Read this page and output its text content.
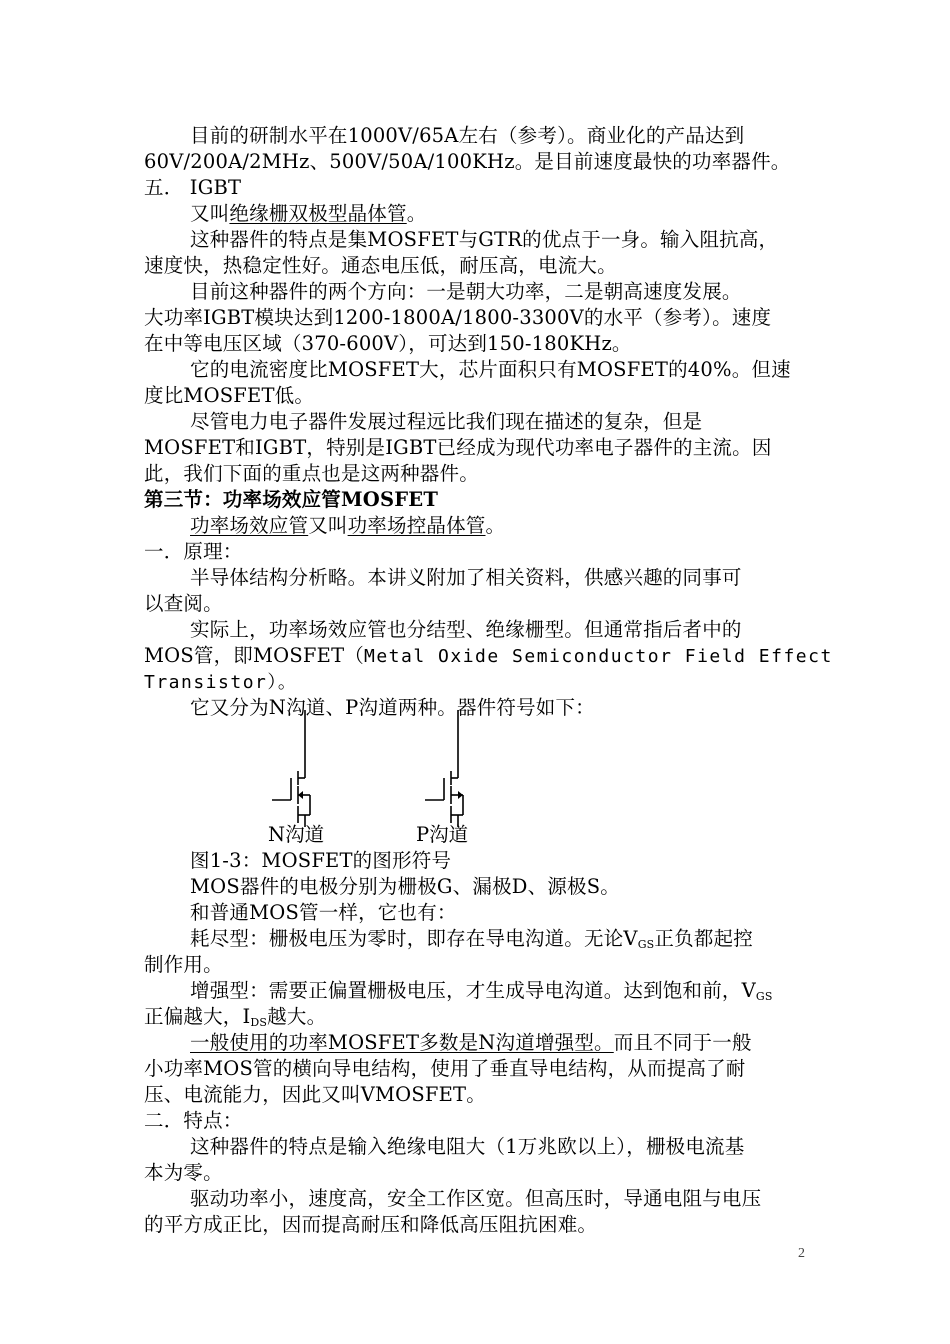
目前的研制水平在1000V/65A左右（参考）。商业化的产品达到
60V/200A/2MHz、500V/50A/100KHz。是目前速度最快的功率器件。
五． IGBT
又叫绝缘栅双极型晶体管。
这种器件的特点是集MOSFET与GTR的优点于一身。输入阻抗高，
速度快，热稳定性好。通态电压低，耐压高，电流大。
目前这种器件的两个方向：一是朝大功率，二是朝高速度发展。
大功率IGBT模块达到1200-1800A/1800-3300V的水平（参考）。速度
在中等电压区域（370-600V），可达到150-180KHz。
它的电流密度比MOSFET大，芯片面积只有MOSFET的40%。但速
度比MOSFET低。
尽管电力电子器件发展过程远比我们现在描述的复杂，但是
MOSFET和IGBT，特别是IGBT已经成为现代功率电子器件的主流。因
此，我们下面的重点也是这两种器件。
第三节：功率场效应管MOSFET
功率场效应管又叫功率场控晶体管。
一．原理：
半导体结构分析略。本讲义附加了相关资料，供感兴趣的同事可
以查阅。
实际上，功率场效应管也分结型、绝缘栅型。但通常指后者中的
MOS管，即MOSFET（Metal Oxide Semiconductor Field Effect
Transistor）。
它又分为N沟道、P沟道两种。器件符号如下：
N沟道	P沟道
图1-3：MOSFET的图形符号
MOS器件的电极分别为栅极G、漏极D、源极S。
和普通MOS管一样，它也有：
耗尽型：栅极电压为零时，即存在导电沟道。无论$V_{GS}$正负都起控
制作用。
增强型：需要正偏置栅极电压，才生成导电沟道。达到饱和前，$V_{GS}$
正偏越大，$I_{DS}$越大。
一般使用的功率MOSFET多数是N沟道增强型。而且不同于一般
小功率MOS管的横向导电结构，使用了垂直导电结构，从而提高了耐
压、电流能力，因此又叫VMOSFET。
二．特点：
这种器件的特点是输入绝缘电阻大（1万兆欧以上），栅极电流基
本为零。
驱动功率小，速度高，安全工作区宽。但高压时，导通电阻与电压
的平方成正比，因而提高耐压和降低高压阻抗困难。
2
